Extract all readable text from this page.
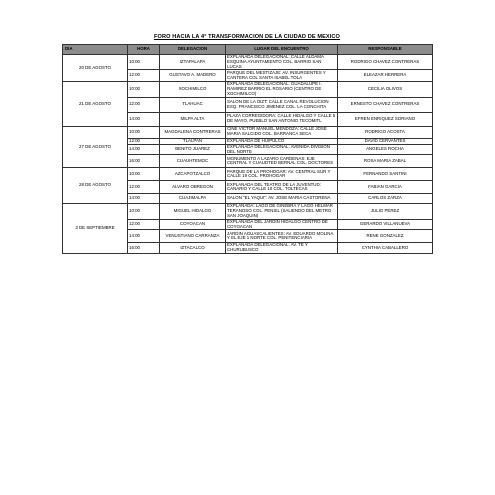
FORO HACIA LA 4° TRANSFORMACION DE LA CIUDAD DE MEXICO
DIA	HORA	DELEGACION	LUGAR DEL ENCUENTRO	RESPONSABLE
20 DE AGOSTO	10:00	IZTAPALAPA	EXPLANADA DELEGACIONAL: CALLE ALDAMA ESQUINA AYUNTAMIENTO COL. BARRIO SAN LUCAS	RODRIGO CHAVEZ CONTRERAS
	12:00	GUSTAVO A. MADERO	PARQUE DEL MESTIZAJE: AV. INSURGENTES Y CANTERA COL SANTA ISABEL TOLA	ELEAZAR HERRERA
21 DE AGOSTO	10:00	XOCHIMILCO	EXPLANADA DELEGACIONAL: GUADALUPE I. RAMIREZ BARRIO EL ROSARIO (CENTRO DE XOCHIMILCO)	CECILIA OLIVOS
	12:00	TLAHUAC	SALON DE LA OIZT: CALLE CANAL REVOLUCION ESQ. FRANCISCO JIMENEZ COL. LA CONCHITA	ERNESTO CHAVEZ CONTRERAS
	14:00	MILPA ALTA	PLAZA CORREGIDORA: CALLE HIDALGO Y CALLE 5 DE MAYO, PUEBLO SAN ANTONIO TECOMITL	EFREN ENRIQUEZ SORIANO
27 DE AGOSTO	10:00	MAGDALENA CONTRERAS	CINE VICTOR MANUEL MENDOZA: CALLE JOSE MARIA SALCIDO COL. BARRANCA SECA	RODRIGO ACOSTA
	12:00	TLALPAN	EXPLANADA DE HUIPULCO	DAVID CERVANTES
	14:00	BENITO JUAREZ	EXPLANADA DELEGACIONAL: AVENIDA DIVISION DEL NORTE	ANGELES ROCHA
	16:00	CUAUHTEMOC	MONUMENTO A LAZARO CARDENAS: EJE CENTRAL Y CUAUDTED BERNAL COL. DOCTORES	ROSA MARIA ZABAL
28 DE AGOSTO	10:00	AZCAPOTZALCO	PARQUE DE LA PROHOGAR: AV. CENTRAL SUR Y CALLE 19 COL. PROHOGAR	FERNANDO SANTINI
	12:00	ALVARO OBREGON	EXPLANADA DEL TEATRO DE LA JUVENTUD: CANARIO Y CALLE 10 COL. TOLTECAS	FABIAN GARCIA
	14:00	CUAJIMALPA	SALON "EL YAQUI": AV. JOSE MARIA CASTORENA	CARLOS ZARZA
3 DE SEPTIEMBRE	10:00	MIGUEL HIDALGO	EXPLANADA: LAGO DE GINEBRA Y LAGO HELMAR TERANOSO COL. PENSIL (SALIENDO DEL METRO SAN JOAQUIN)	JULIO PEREZ
	12:00	COYOACAN	EXPLANADA DEL JARDIN HIDALGO CENTRO DE COYOACAN	GERARDO VILLANUEVA
	14:00	VENUSTIANO CARRANZA	JARDIN AGUASCALIENTES: AV. EDUARDO MOLINA Y EL EJE 1 NORTE COL. PENITENCIARIA	RENE GONZALEZ
	16:00	IZTACALCO	EXPLANADA DELEGACIONAL: AV. TE Y CHURUBUSCO	CYNTHIA CABALLERO
